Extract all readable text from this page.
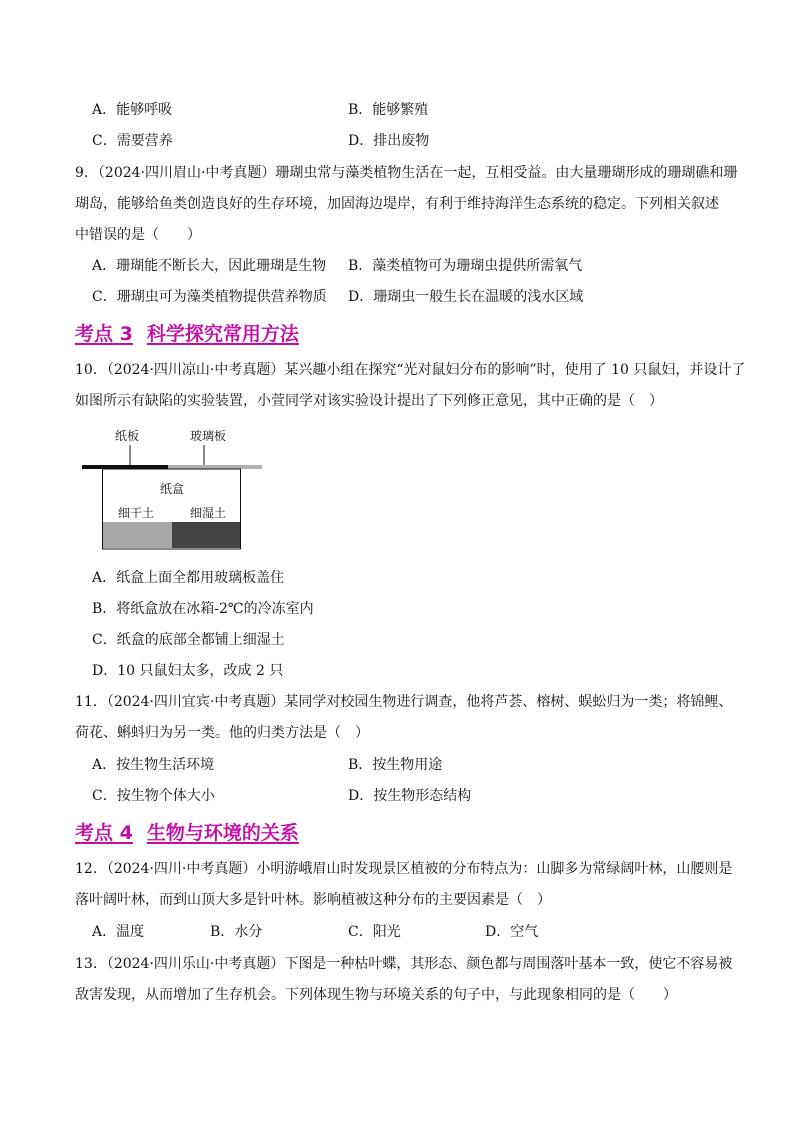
A．能够呼吸	B．能够繁殖
C．需要营养	D．排出废物
9．（2024·四川眉山·中考真题）珊瑚虫常与藻类植物生活在一起，互相受益。由大量珊瑚形成的珊瑚礁和珊
瑚岛，能够给鱼类创造良好的生存环境，加固海边堤岸，有利于维持海洋生态系统的稳定。下列相关叙述
中错误的是（　　）
A．珊瑚能不断长大，因此珊瑚是生物 B．藻类植物可为珊瑚虫提供所需氧气
C．珊瑚虫可为藻类植物提供营养物质 D．珊瑚虫一般生长在温暖的浅水区域
考点 3 科学探究常用方法
10．（2024·四川凉山·中考真题）某兴趣小组在探究“光对鼠妇分布的影响”时，使用了 10 只鼠妇，并设计了
如图所示有缺陷的实验装置，小萱同学对该实验设计提出了下列修正意见，其中正确的是（　）
纸板	玻璃板
纸盒
细干土	细湿土
A．纸盒上面全都用玻璃板盖住
B．将纸盒放在冰箱-2℃的冷冻室内
C．纸盒的底部全都铺上细湿土
D．10 只鼠妇太多，改成 2 只
11．（2024·四川宜宾·中考真题）某同学对校园生物进行调查，他将芦荟、榕树、蜈蚣归为一类；将锦鲤、
荷花、蝌蚪归为另一类。他的归类方法是（　）
A．按生物生活环境	B．按生物用途
C．按生物个体大小	D．按生物形态结构
考点 4 生物与环境的关系
12．（2024·四川·中考真题）小明游峨眉山时发现景区植被的分布特点为：山脚多为常绿阔叶林，山腰则是
落叶阔叶林，而到山顶大多是针叶林。影响植被这种分布的主要因素是（　）
A．温度	B．水分	C．阳光	D．空气
13．（2024·四川乐山·中考真题）下图是一种枯叶蝶，其形态、颜色都与周围落叶基本一致，使它不容易被
敌害发现，从而增加了生存机会。下列体现生物与环境关系的句子中，与此现象相同的是（　　）
